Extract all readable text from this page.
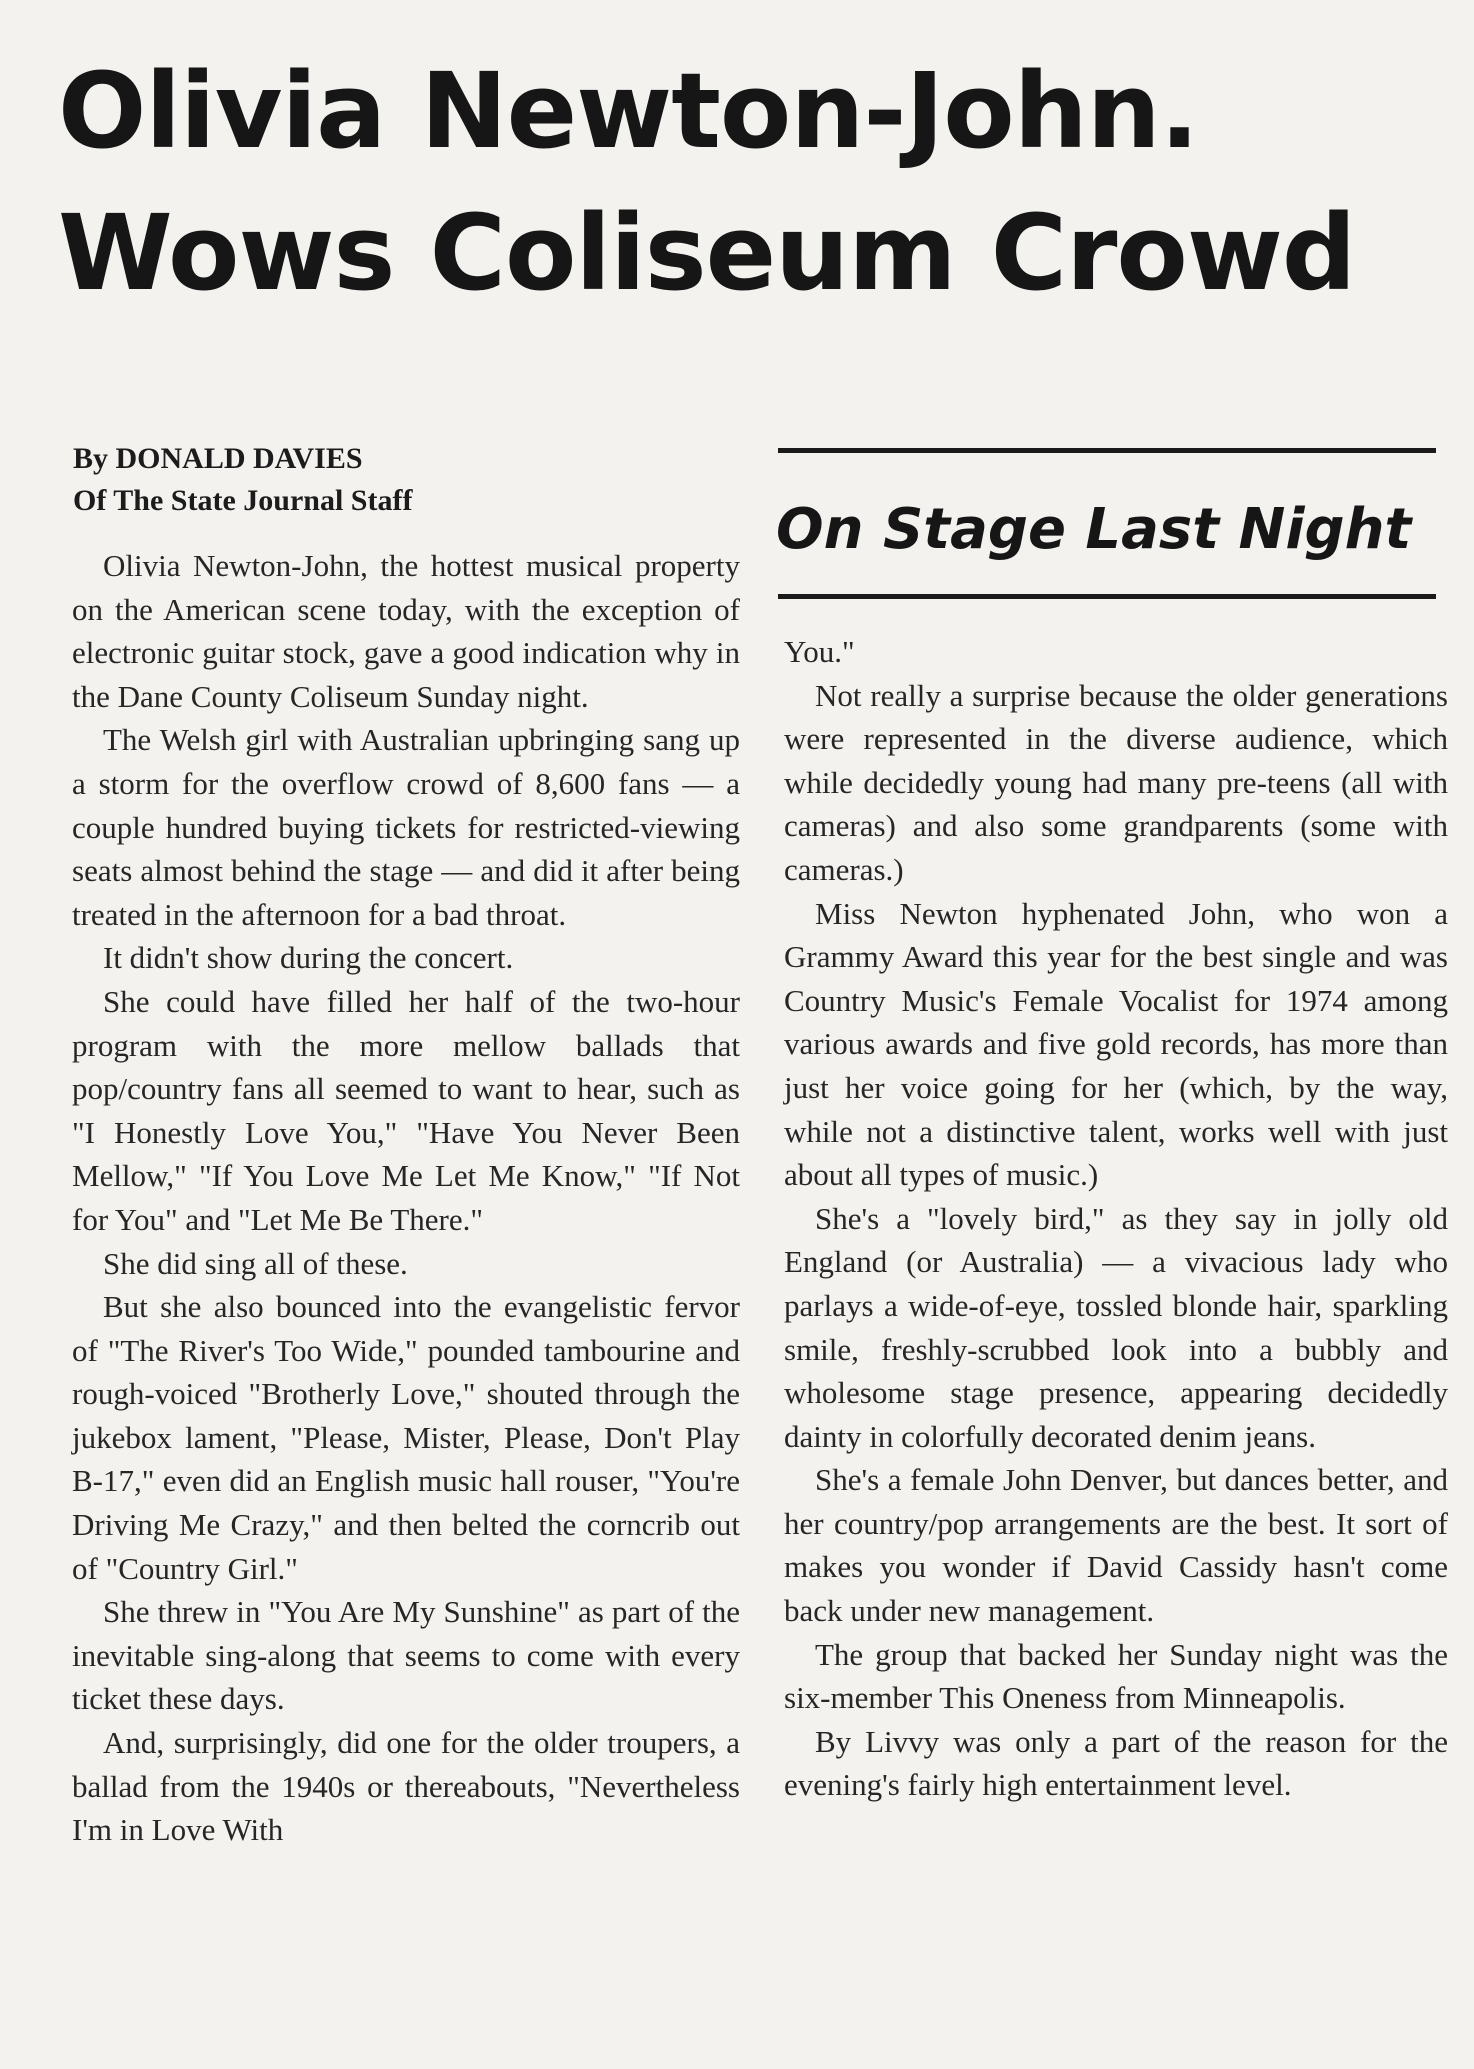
Olivia Newton-John.
Wows Coliseum Crowd
By DONALD DAVIES
Of The State Journal Staff

Olivia Newton-John, the hottest musical property on the American scene today, with the exception of electronic guitar stock, gave a good indication why in the Dane County Coliseum Sunday night.

The Welsh girl with Australian upbringing sang up a storm for the overflow crowd of 8,600 fans — a couple hundred buying tickets for restricted-viewing seats almost behind the stage — and did it after being treated in the afternoon for a bad throat.

It didn't show during the concert.

She could have filled her half of the two-hour program with the more mellow ballads that pop/country fans all seemed to want to hear, such as "I Honestly Love You," "Have You Never Been Mellow," "If You Love Me Let Me Know," "If Not for You" and "Let Me Be There."

She did sing all of these.

But she also bounced into the evangelistic fervor of "The River's Too Wide," pounded tambourine and rough-voiced "Brotherly Love," shouted through the jukebox lament, "Please, Mister, Please, Don't Play B-17," even did an English music hall rouser, "You're Driving Me Crazy," and then belted the corncrib out of "Country Girl."

She threw in "You Are My Sunshine" as part of the inevitable sing-along that seems to come with every ticket these days.

And, surprisingly, did one for the older troupers, a ballad from the 1940s or thereabouts, "Nevertheless I'm in Love With

On Stage Last Night

You."

Not really a surprise because the older generations were represented in the diverse audience, which while decidedly young had many pre-teens (all with cameras) and also some grandparents (some with cameras.)

Miss Newton hyphenated John, who won a Grammy Award this year for the best single and was Country Music's Female Vocalist for 1974 among various awards and five gold records, has more than just her voice going for her (which, by the way, while not a distinctive talent, works well with just about all types of music.)

She's a "lovely bird," as they say in jolly old England (or Australia) — a vivacious lady who parlays a wide-of-eye, tossled blonde hair, sparkling smile, freshly-scrubbed look into a bubbly and wholesome stage presence, appearing decidedly dainty in colorfully decorated denim jeans.

She's a female John Denver, but dances better, and her country/pop arrangements are the best. It sort of makes you wonder if David Cassidy hasn't come back under new management.

The group that backed her Sunday night was the six-member This Oneness from Minneapolis.

By Livvy was only a part of the reason for the evening's fairly high entertainment level.
